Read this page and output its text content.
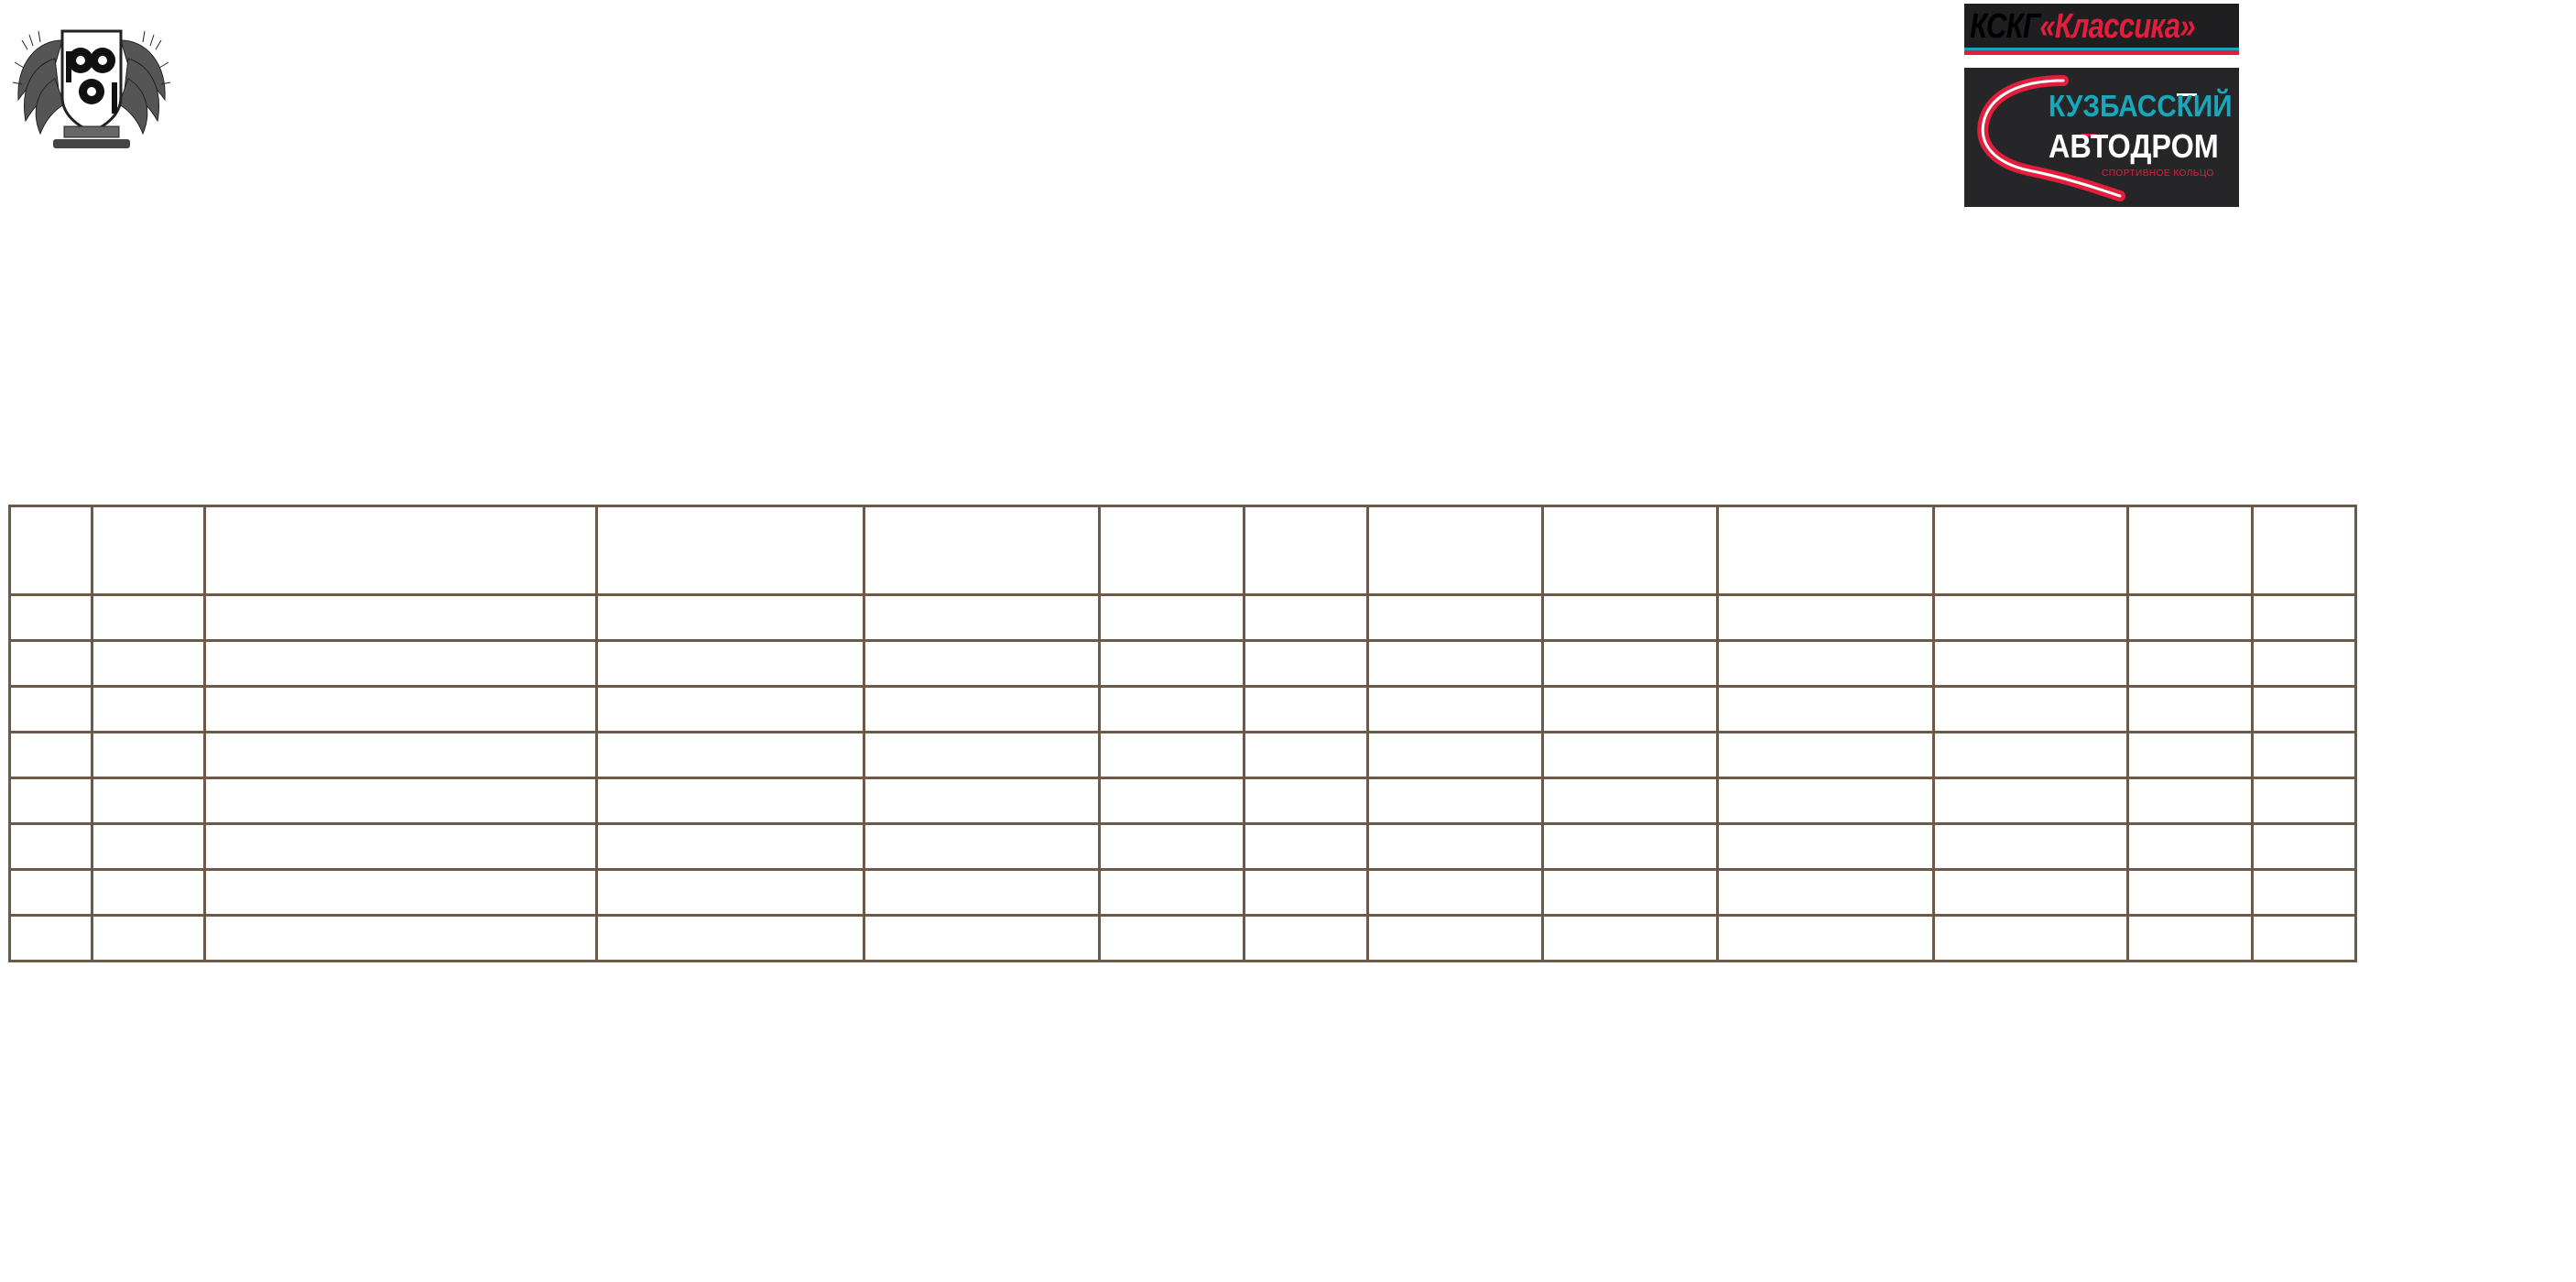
КСКГ«Классика»
КУЗБАССКИЙ
АВТОДРОМ
СПОРТИВНОЕ КОЛЬЦО
